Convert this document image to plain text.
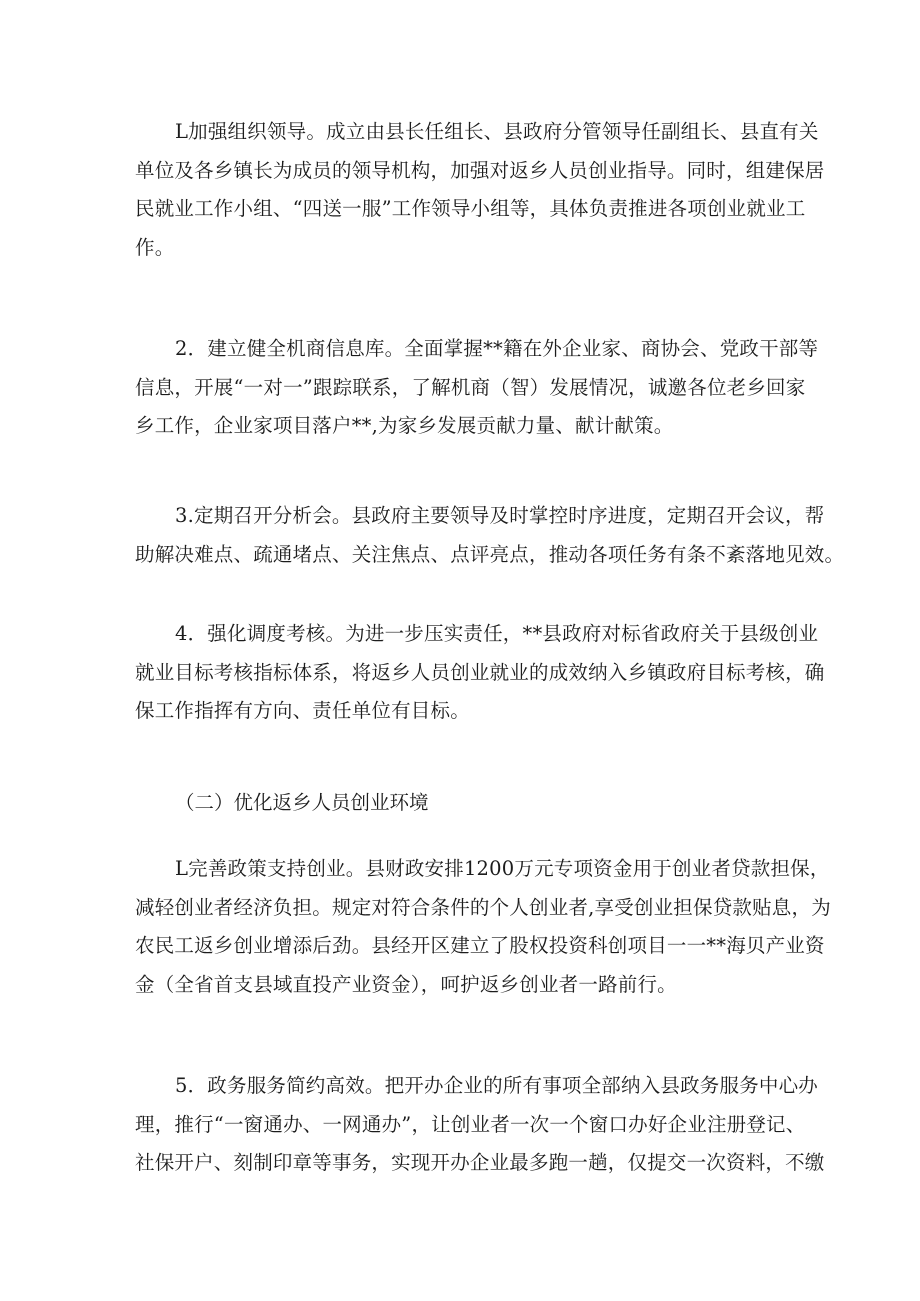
L加强组织领导。成立由县长任组长、县政府分管领导任副组长、县直有关
单位及各乡镇长为成员的领导机构，加强对返乡人员创业指导。同时，组建保居
民就业工作小组、“四送一服”工作领导小组等，具体负责推进各项创业就业工
作。
2．建立健全机商信息库。全面掌握**籍在外企业家、商协会、党政干部等
信息，开展“一对一”跟踪联系，了解机商（智）发展情况，诚邀各位老乡回家
乡工作，企业家项目落户**,为家乡发展贡献力量、献计献策。
3.定期召开分析会。县政府主要领导及时掌控时序进度，定期召开会议，帮
助解决难点、疏通堵点、关注焦点、点评亮点，推动各项任务有条不紊落地见效。
4．强化调度考核。为进一步压实责任，**县政府对标省政府关于县级创业
就业目标考核指标体系，将返乡人员创业就业的成效纳入乡镇政府目标考核，确
保工作指挥有方向、责任单位有目标。
（二）优化返乡人员创业环境
L完善政策支持创业。县财政安排1200万元专项资金用于创业者贷款担保，
减轻创业者经济负担。规定对符合条件的个人创业者,享受创业担保贷款贴息，为
农民工返乡创业增添后劲。县经开区建立了股权投资科创项目一一**海贝产业资
金（全省首支县域直投产业资金），呵护返乡创业者一路前行。
5．政务服务简约高效。把开办企业的所有事项全部纳入县政务服务中心办
理，推行“一窗通办、一网通办”，让创业者一次一个窗口办好企业注册登记、
社保开户、刻制印章等事务，实现开办企业最多跑一趟，仅提交一次资料，不缴
